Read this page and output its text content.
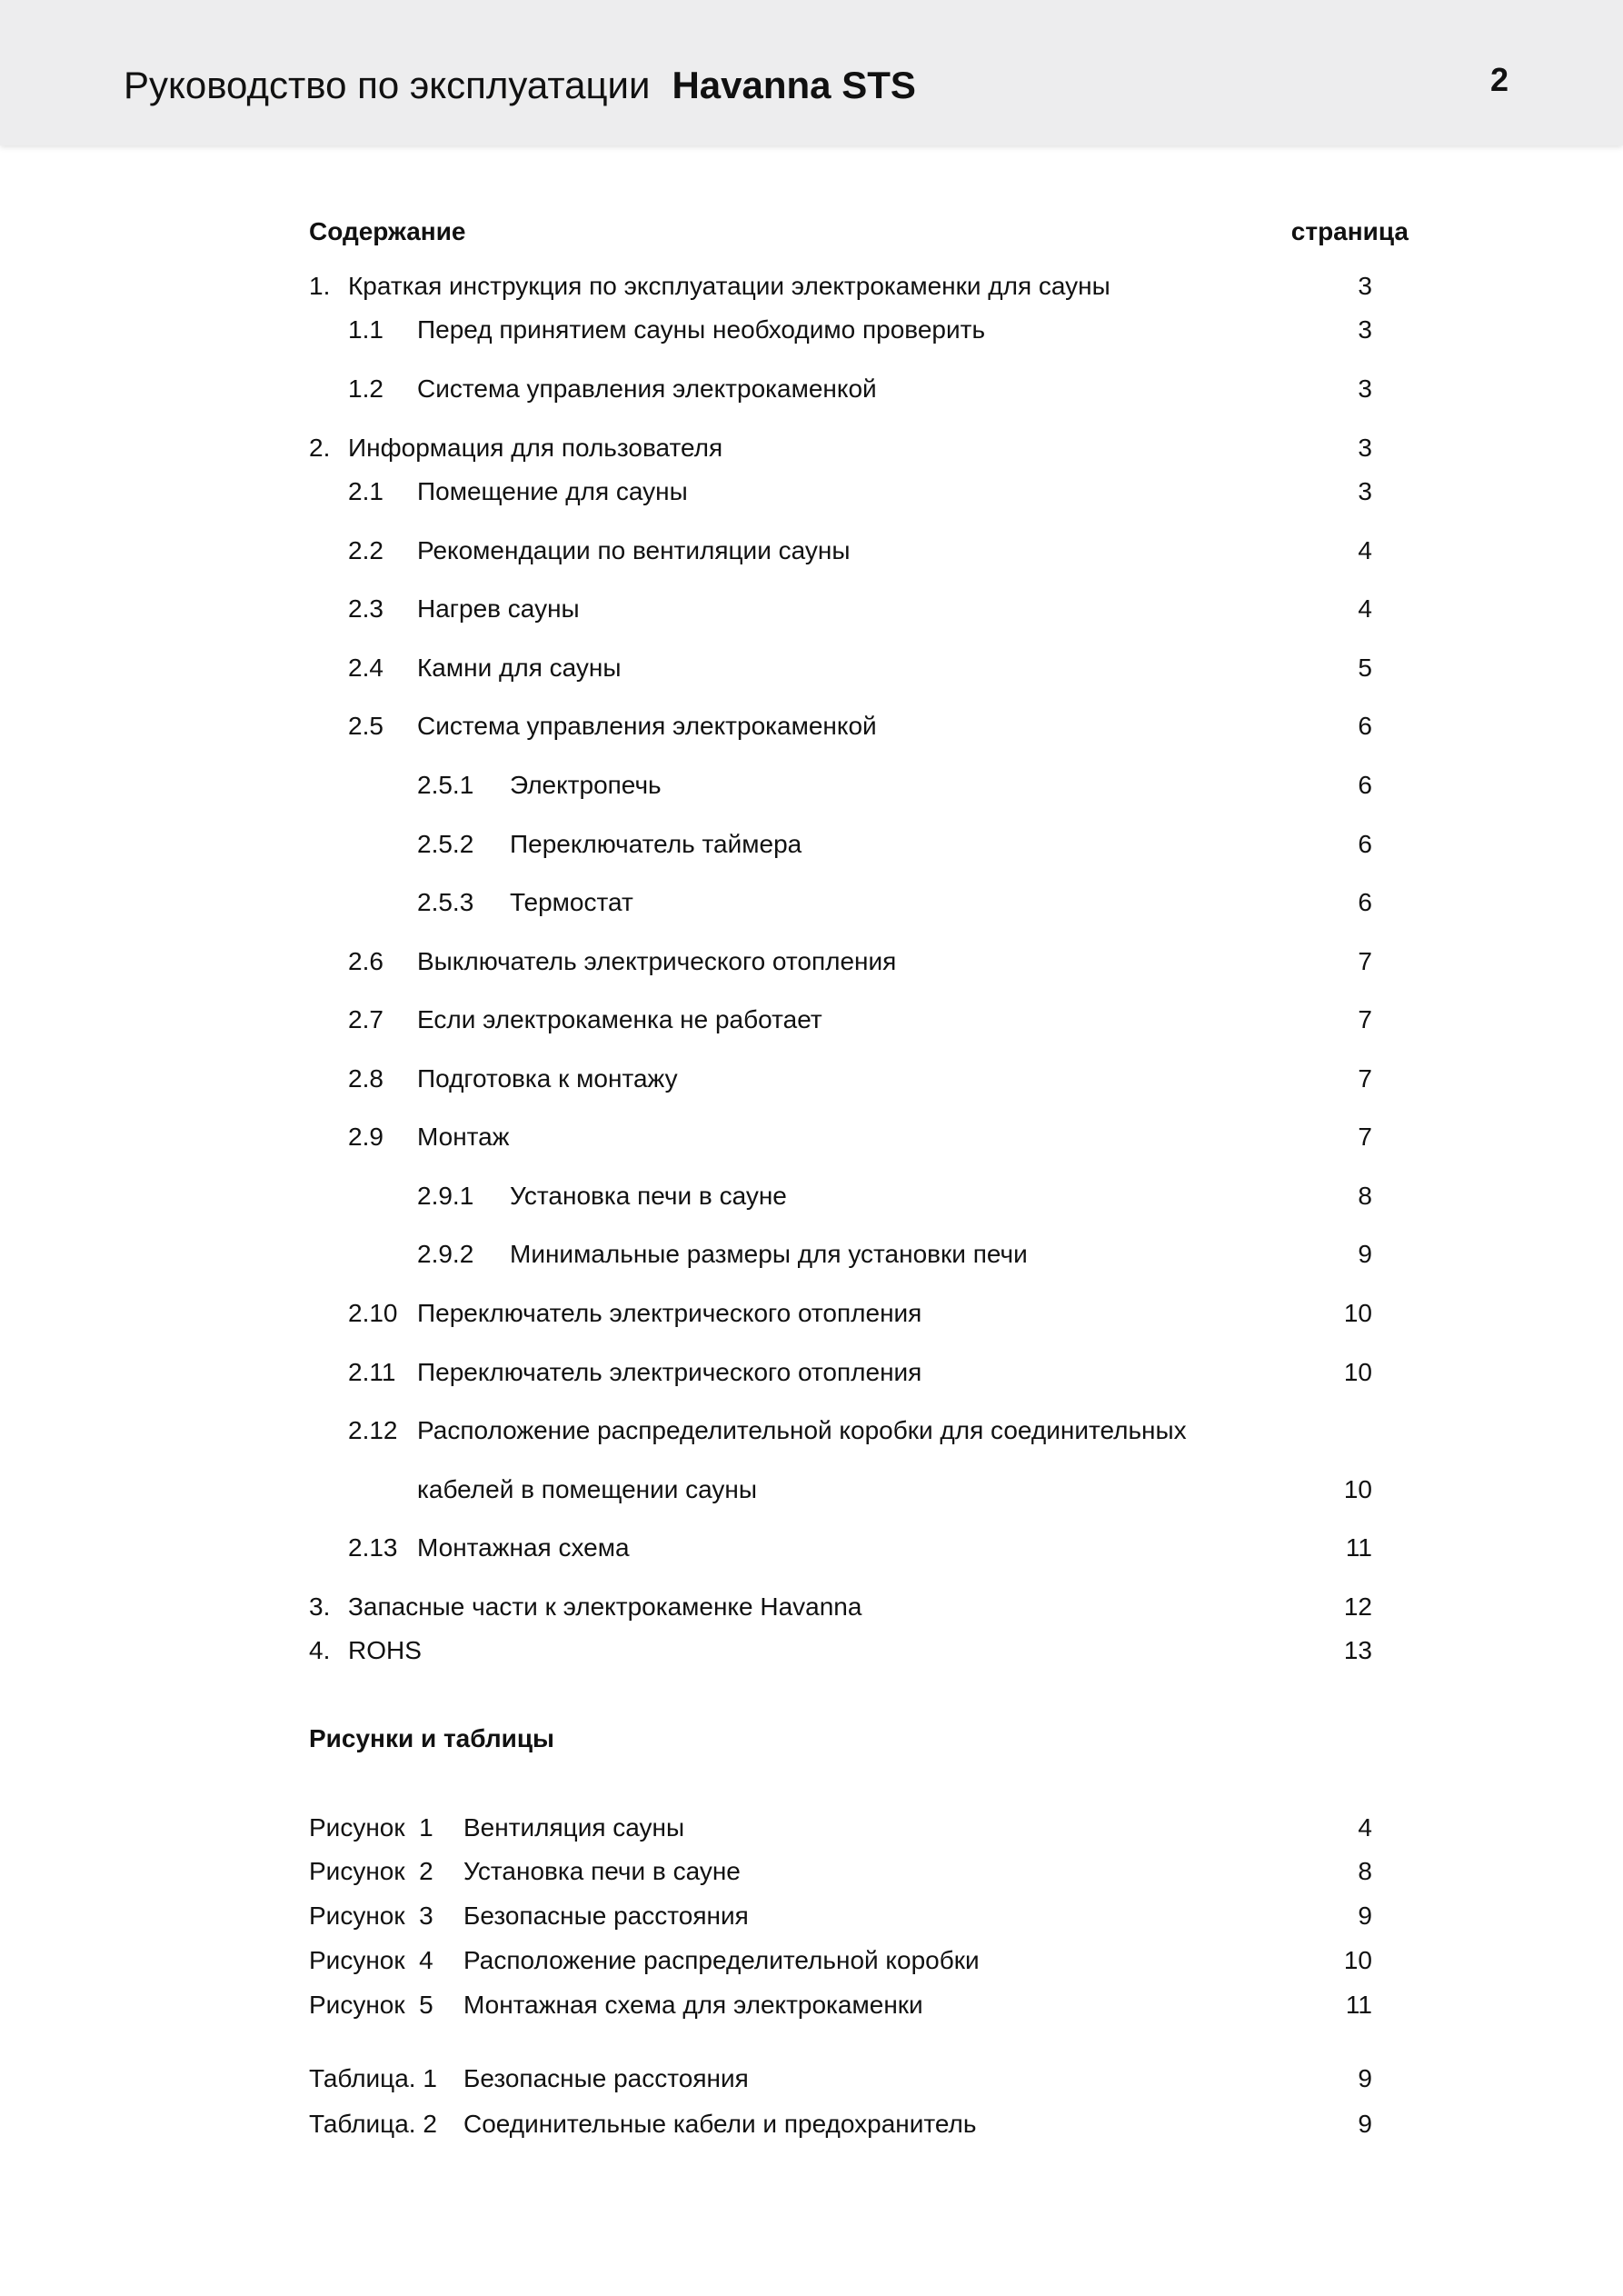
Руководство по эксплуатации Havanna STS	2
Содержание	страница
1. Краткая инструкция по эксплуатации электрокаменки для сауны	3
1.1 Перед принятием сауны необходимо проверить	3
1.2 Система управления электрокаменкой	3
2. Информация для пользователя	3
2.1 Помещение для сауны	3
2.2 Рекомендации по вентиляции сауны	4
2.3 Нагрев сауны	4
2.4 Камни для сауны	5
2.5 Система управления электрокаменкой	6
2.5.1 Электропечь	6
2.5.2 Переключатель таймера	6
2.5.3 Термостат	6
2.6 Выключатель электрического отопления	7
2.7 Если электрокаменка не работает	7
2.8 Подготовка к монтажу	7
2.9 Монтаж	7
2.9.1 Установка печи в сауне	8
2.9.2 Минимальные размеры для установки печи	9
2.10 Переключатель электрического отопления	10
2.11 Переключатель электрического отопления	10
2.12 Расположение распределительной коробки для соединительных
кабелей в помещении сауны	10
2.13 Монтажная схема	11
3. Запасные части к электрокаменке Havanna	12
4. ROHS	13
Рисунки и таблицы
Рисунок  1 Вентиляция сауны	4
Рисунок  2 Установка печи в сауне	8
Рисунок  3 Безопасные расстояния	9
Рисунок  4 Расположение распределительной коробки	10
Рисунок  5 Монтажная схема для электрокаменки	11
Таблица. 1 Безопасные расстояния	9
Таблица. 2 Соединительные кабели и предохранитель	9
